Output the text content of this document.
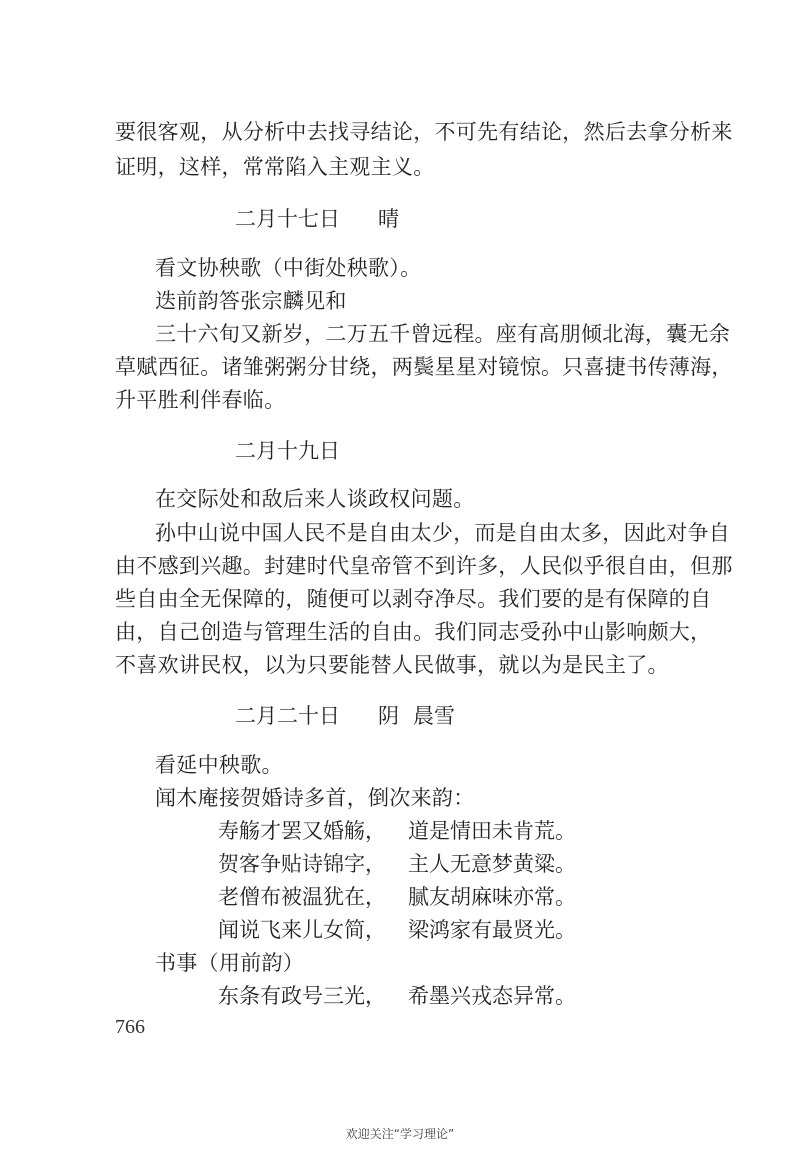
要很客观，从分析中去找寻结论，不可先有结论，然后去拿分析来
证明，这样，常常陷入主观主义。
二月十七日 晴
看文协秧歌（中街处秧歌）。
迭前韵答张宗麟见和
三十六旬又新岁，二万五千曾远程。座有高朋倾北海，囊无余
草赋西征。诸雏粥粥分甘绕，两鬓星星对镜惊。只喜捷书传薄海，
升平胜利伴春临。
二月十九日
在交际处和敌后来人谈政权问题。
孙中山说中国人民不是自由太少，而是自由太多，因此对争自
由不感到兴趣。封建时代皇帝管不到许多，人民似乎很自由，但那
些自由全无保障的，随便可以剥夺净尽。我们要的是有保障的自
由，自己创造与管理生活的自由。我们同志受孙中山影响颇大，
不喜欢讲民权，以为只要能替人民做事，就以为是民主了。
二月二十日 阴 晨雪
看延中秧歌。
闻木庵接贺婚诗多首，倒次来韵：
寿觞才罢又婚觞， 道是情田未肯荒。
贺客争贴诗锦字， 主人无意梦黄粱。
老僧布被温犹在， 腻友胡麻味亦常。
闻说飞来儿女简， 梁鸿家有最贤光。
书事（用前韵）
东条有政号三光， 希墨兴戎态异常。
766
欢迎关注“学习理论”
